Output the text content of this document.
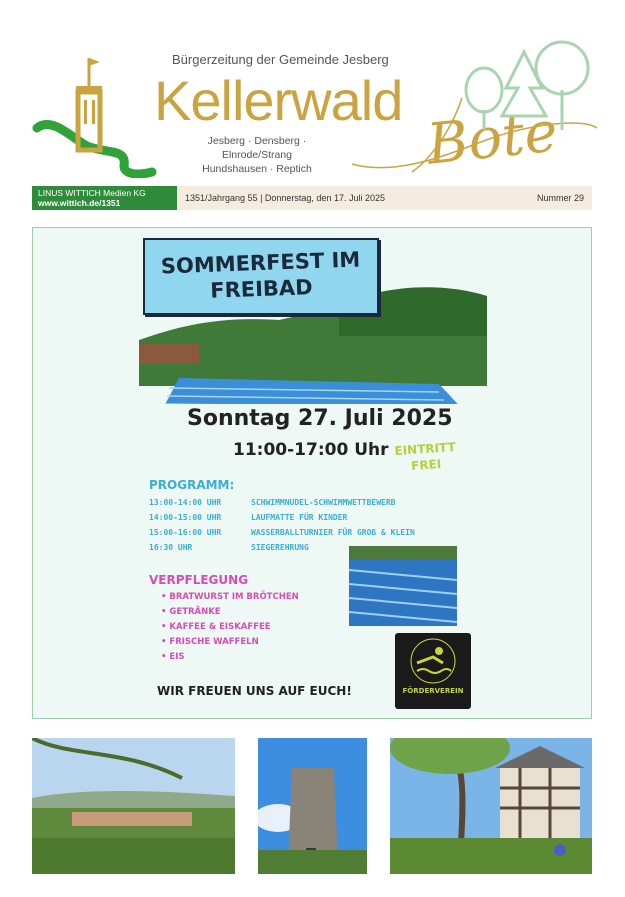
Bürgerzeitung der Gemeinde Jesberg
Kellerwald Bote
Jesberg · Densberg · Elnrode/Strang
Hundshausen · Reptich
LINUS WITTICH Medien KG
www.wittich.de/1351	1351/Jahrgang 55 | Donnerstag, den 17. Juli 2025	Nummer 29
SOMMERFEST IM
FREIBAD
Sonntag 27. Juli 2025
11:00-17:00 Uhr EINTRITT
FREI
PROGRAMM:
13:00-14:00 UHR	SCHWIMMNUDEL-SCHWIMMWETTBEWERB
14:00-15:00 UHR	LAUFMATTE FÜR KINDER
15:00-16:00 UHR	WASSERBALLTURNIER FÜR GROß & KLEIN
16:30 UHR	SIEGEREHRUNG
VERPFLEGUNG
• BRATWURST IM BRÖTCHEN
• GETRÄNKE
• KAFFEE & EISKAFFEE
• FRISCHE WAFFELN
• EIS
FÖRDERVEREIN
WIR FREUEN UNS AUF EUCH!
